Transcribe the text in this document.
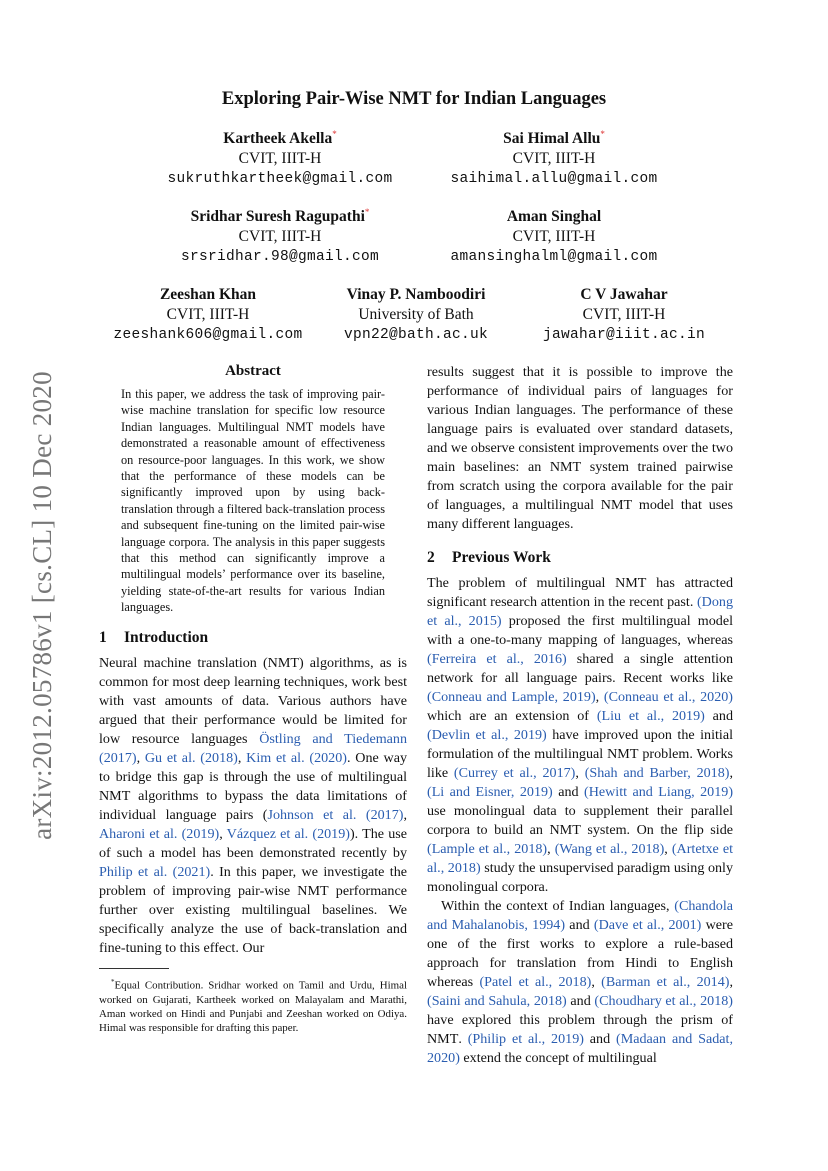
arXiv:2012.05786v1 [cs.CL] 10 Dec 2020
Exploring Pair-Wise NMT for Indian Languages
Kartheek Akella*
CVIT, IIIT-H
sukruthkartheek@gmail.com
Sai Himal Allu*
CVIT, IIIT-H
saihimal.allu@gmail.com
Sridhar Suresh Ragupathi*
CVIT, IIIT-H
srsridhar.98@gmail.com
Aman Singhal
CVIT, IIIT-H
amansinghalml@gmail.com
Zeeshan Khan
CVIT, IIIT-H
zeeshank606@gmail.com
Vinay P. Namboodiri
University of Bath
vpn22@bath.ac.uk
C V Jawahar
CVIT, IIIT-H
jawahar@iiit.ac.in
Abstract
In this paper, we address the task of improving pair-wise machine translation for specific low resource Indian languages. Multilingual NMT models have demonstrated a reasonable amount of effectiveness on resource-poor languages. In this work, we show that the performance of these models can be significantly improved upon by using back-translation through a filtered back-translation process and subsequent fine-tuning on the limited pair-wise language corpora. The analysis in this paper suggests that this method can significantly improve a multilingual models’ performance over its baseline, yielding state-of-the-art results for various Indian languages.
1 Introduction

Neural machine translation (NMT) algorithms, as is common for most deep learning techniques, work best with vast amounts of data. Various authors have argued that their performance would be limited for low resource languages Östling and Tiedemann (2017), Gu et al. (2018), Kim et al. (2020). One way to bridge this gap is through the use of multilingual NMT algorithms to bypass the data limitations of individual language pairs (Johnson et al. (2017), Aharoni et al. (2019), Vázquez et al. (2019)). The use of such a model has been demonstrated recently by Philip et al. (2021). In this paper, we investigate the problem of improving pair-wise NMT performance further over existing multilingual baselines. We specifically analyze the use of back-translation and fine-tuning to this effect. Our

*Equal Contribution. Sridhar worked on Tamil and Urdu, Himal worked on Gujarati, Kartheek worked on Malayalam and Marathi, Aman worked on Hindi and Punjabi and Zeeshan worked on Odiya. Himal was responsible for drafting this paper.

results suggest that it is possible to improve the performance of individual pairs of languages for various Indian languages. The performance of these language pairs is evaluated over standard datasets, and we observe consistent improvements over the two main baselines: an NMT system trained pairwise from scratch using the corpora available for the pair of languages, a multilingual NMT model that uses many different languages.

2 Previous Work

The problem of multilingual NMT has attracted significant research attention in the recent past. (Dong et al., 2015) proposed the first multilingual model with a one-to-many mapping of languages, whereas (Ferreira et al., 2016) shared a single attention network for all language pairs. Recent works like (Conneau and Lample, 2019), (Conneau et al., 2020) which are an extension of (Liu et al., 2019) and (Devlin et al., 2019) have improved upon the initial formulation of the multilingual NMT problem. Works like (Currey et al., 2017), (Shah and Barber, 2018), (Li and Eisner, 2019) and (Hewitt and Liang, 2019) use monolingual data to supplement their parallel corpora to build an NMT system. On the flip side (Lample et al., 2018), (Wang et al., 2018), (Artetxe et al., 2018) study the unsupervised paradigm using only monolingual corpora.

Within the context of Indian languages, (Chandola and Mahalanobis, 1994) and (Dave et al., 2001) were one of the first works to explore a rule-based approach for translation from Hindi to English whereas (Patel et al., 2018), (Barman et al., 2014), (Saini and Sahula, 2018) and (Choudhary et al., 2018) have explored this problem through the prism of NMT. (Philip et al., 2019) and (Madaan and Sadat, 2020) extend the concept of multilingual
